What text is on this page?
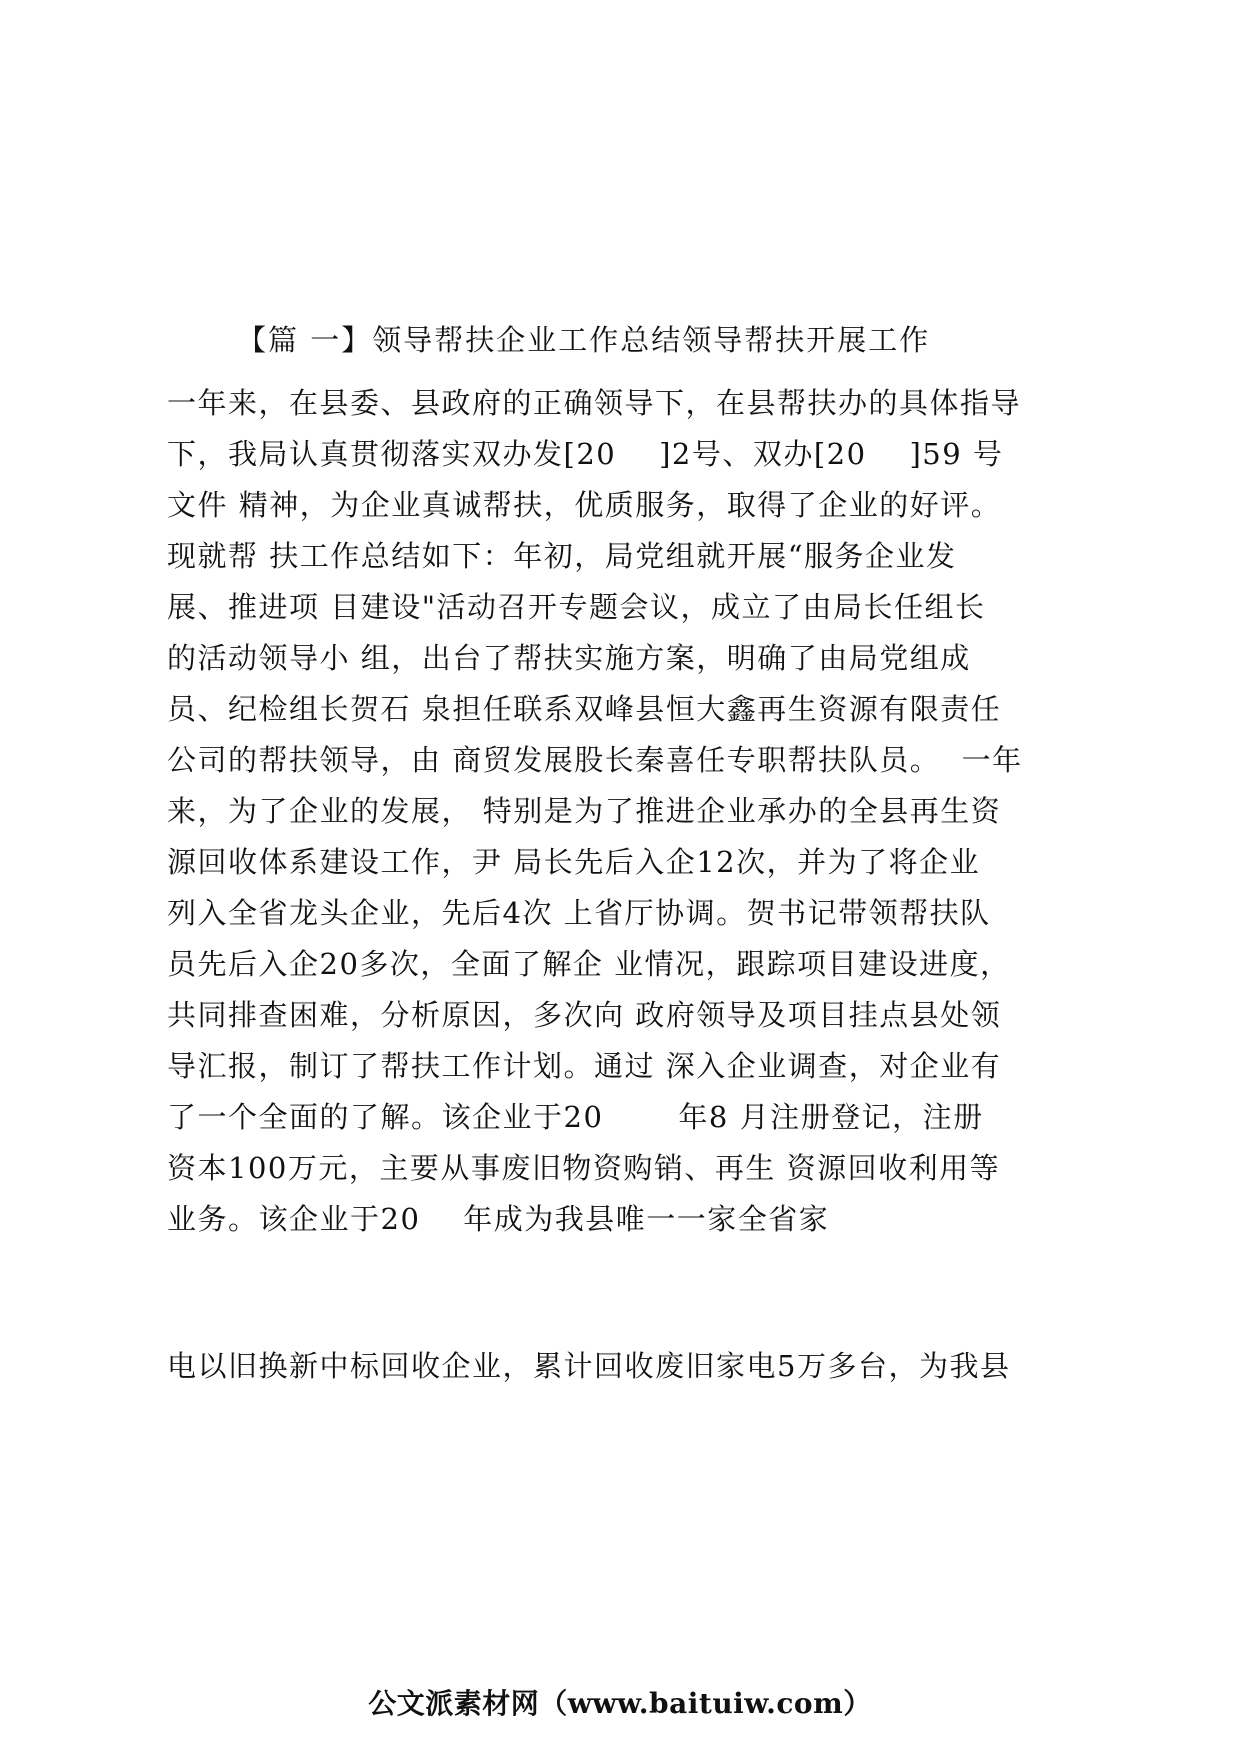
【篇 一】领导帮扶企业工作总结领导帮扶开展工作
一年来，在县委、县政府的正确领导下，在县帮扶办的具体指导
下，我局认真贯彻落实双办发[20    ]2号、双办[20    ]59 号
文件 精神，为企业真诚帮扶，优质服务，取得了企业的好评。
现就帮 扶工作总结如下：年初，局党组就开展“服务企业发
展、推进项 目建设"活动召开专题会议，成立了由局长任组长
的活动领导小 组，出台了帮扶实施方案，明确了由局党组成
员、纪检组长贺石 泉担任联系双峰县恒大鑫再生资源有限责任
公司的帮扶领导，由 商贸发展股长秦喜任专职帮扶队员。  一年
来，为了企业的发展， 特别是为了推进企业承办的全县再生资
源回收体系建设工作，尹 局长先后入企12次，并为了将企业
列入全省龙头企业，先后4次 上省厅协调。贺书记带领帮扶队
员先后入企20多次，全面了解企 业情况，跟踪项目建设进度，
共同排查困难，分析原因，多次向 政府领导及项目挂点县处领
导汇报，制订了帮扶工作计划。通过 深入企业调查，对企业有
了一个全面的了解。该企业于20       年8 月注册登记，注册
资本100万元，主要从事废旧物资购销、再生 资源回收利用等
业务。该企业于20    年成为我县唯一一家全省家
电以旧换新中标回收企业，累计回收废旧家电5万多台，为我县
公文派素材网（www.baituiw.com）
